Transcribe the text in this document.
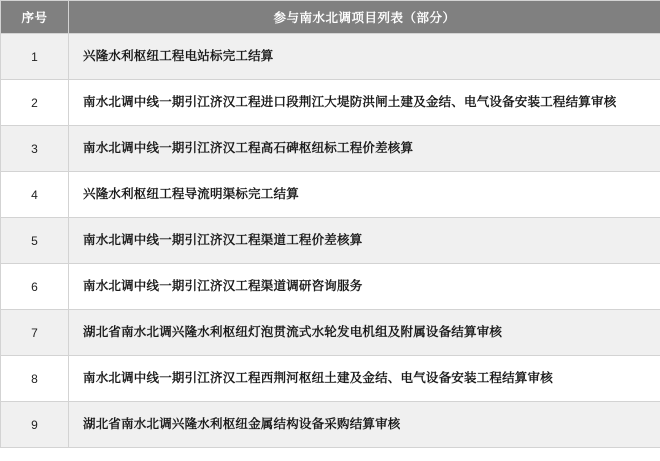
序号	参与南水北调项目列表（部分）
1	兴隆水利枢纽工程电站标完工结算
2	南水北调中线一期引江济汉工程进口段荆江大堤防洪闸土建及金结、电气设备安装工程结算审核
3	南水北调中线一期引江济汉工程高石碑枢纽标工程价差核算
4	兴隆水利枢纽工程导流明渠标完工结算
5	南水北调中线一期引江济汉工程渠道工程价差核算
6	南水北调中线一期引江济汉工程渠道调研咨询服务
7	湖北省南水北调兴隆水利枢纽灯泡贯流式水轮发电机组及附属设备结算审核
8	南水北调中线一期引江济汉工程西荆河枢纽土建及金结、电气设备安装工程结算审核
9	湖北省南水北调兴隆水利枢纽金属结构设备采购结算审核
